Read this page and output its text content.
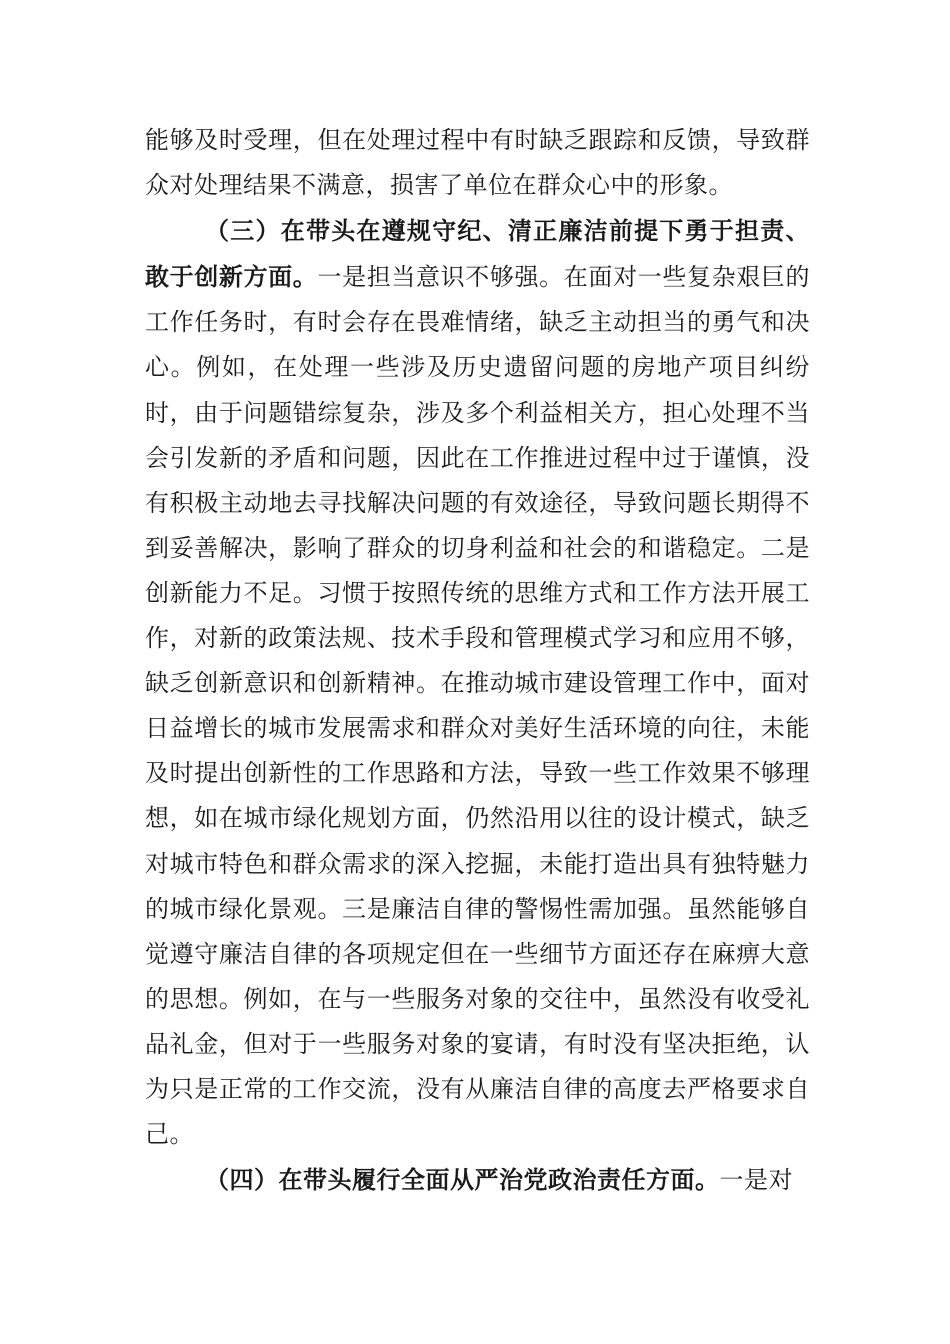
能够及时受理，但在处理过程中有时缺乏跟踪和反馈，导致群众对处理结果不满意，损害了单位在群众心中的形象。

（三）在带头在遵规守纪、清正廉洁前提下勇于担责、敢于创新方面。一是担当意识不够强。在面对一些复杂艰巨的工作任务时，有时会存在畏难情绪，缺乏主动担当的勇气和决心。例如，在处理一些涉及历史遗留问题的房地产项目纠纷时，由于问题错综复杂，涉及多个利益相关方，担心处理不当会引发新的矛盾和问题，因此在工作推进过程中过于谨慎，没有积极主动地去寻找解决问题的有效途径，导致问题长期得不到妥善解决，影响了群众的切身利益和社会的和谐稳定。二是创新能力不足。习惯于按照传统的思维方式和工作方法开展工作，对新的政策法规、技术手段和管理模式学习和应用不够，缺乏创新意识和创新精神。在推动城市建设管理工作中，面对日益增长的城市发展需求和群众对美好生活环境的向往，未能及时提出创新性的工作思路和方法，导致一些工作效果不够理想，如在城市绿化规划方面，仍然沿用以往的设计模式，缺乏对城市特色和群众需求的深入挖掘，未能打造出具有独特魅力的城市绿化景观。三是廉洁自律的警惕性需加强。虽然能够自觉遵守廉洁自律的各项规定但在一些细节方面还存在麻痹大意的思想。例如，在与一些服务对象的交往中，虽然没有收受礼品礼金，但对于一些服务对象的宴请，有时没有坚决拒绝，认为只是正常的工作交流，没有从廉洁自律的高度去严格要求自己。

（四）在带头履行全面从严治党政治责任方面。一是对
